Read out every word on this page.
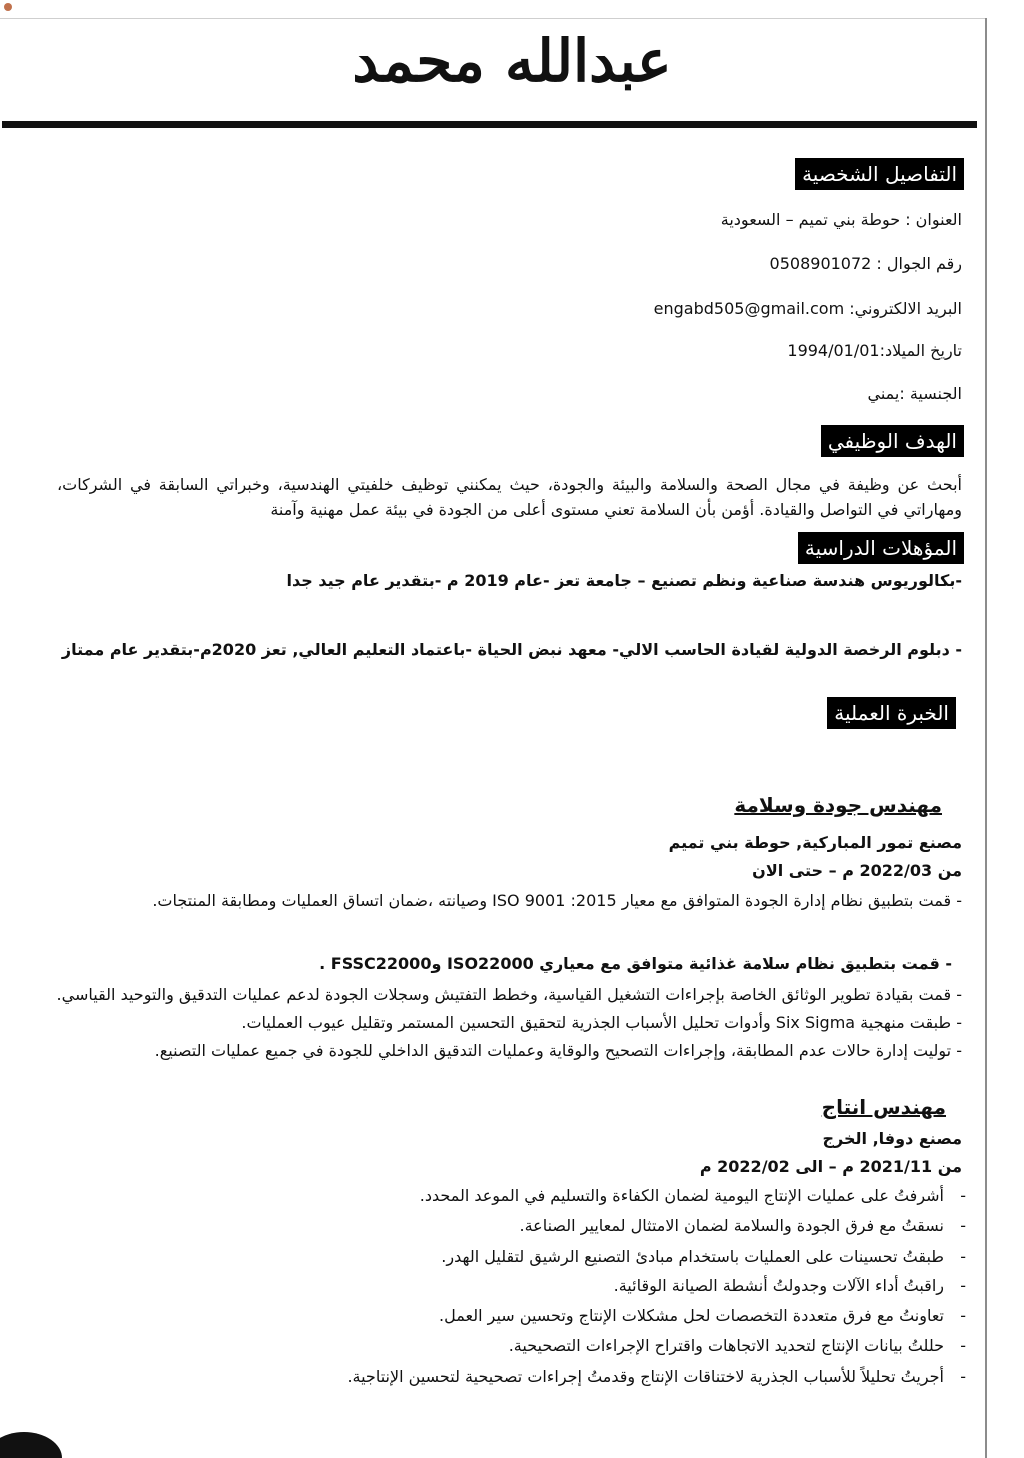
عبدالله محمد
التفاصيل الشخصية
العنوان : حوطة بني تميم – السعودية
رقم الجوال : 0508901072
البريد الالكتروني: engabd505@gmail.com
تاريخ الميلاد:1994/01/01
الجنسية :يمني
الهدف الوظيفي
أبحث عن وظيفة في مجال الصحة والسلامة والبيئة والجودة، حيث يمكنني توظيف خلفيتي الهندسية، وخبراتي السابقة في الشركات، ومهاراتي في التواصل والقيادة. أؤمن بأن السلامة تعني مستوى أعلى من الجودة في بيئة عمل مهنية وآمنة
المؤهلات الدراسية
-بكالوريوس هندسة صناعية ونظم تصنيع – جامعة تعز -عام 2019 م -بتقدير عام جيد جدا
- دبلوم الرخصة الدولية لقيادة الحاسب الالي- معهد نبض الحياة -باعتماد التعليم العالي, تعز 2020م-بتقدير عام ممتاز
الخبرة العملية
مهندس جودة وسلامة
مصنع تمور المباركية, حوطة بني تميم
من 2022/03 م – حتى الان
- قمت بتطبيق نظام إدارة الجودة المتوافق مع معيار 2015: ISO 9001 وصيانته ،ضمان اتساق العمليات ومطابقة المنتجات.
- قمت بتطبيق نظام سلامة غذائية متوافق مع معياري ISO22000 وFSSC22000 .
- قمت بقيادة تطوير الوثائق الخاصة بإجراءات التشغيل القياسية، وخطط التفتيش وسجلات الجودة لدعم عمليات التدقيق والتوحيد القياسي.
- طبقت منهجية Six Sigma وأدوات تحليل الأسباب الجذرية لتحقيق التحسين المستمر وتقليل عيوب العمليات.
- توليت إدارة حالات عدم المطابقة، وإجراءات التصحيح والوقاية وعمليات التدقيق الداخلي للجودة في جميع عمليات التصنيع.
مهندس انتاج
مصنع دوفا, الخرج
من 2021/11 م – الى 2022/02 م
-
أشرفتُ على عمليات الإنتاج اليومية لضمان الكفاءة والتسليم في الموعد المحدد.
-
نسقتُ مع فرق الجودة والسلامة لضمان الامتثال لمعايير الصناعة.
-
طبقتُ تحسينات على العمليات باستخدام مبادئ التصنيع الرشيق لتقليل الهدر.
-
راقبتُ أداء الآلات وجدولتُ أنشطة الصيانة الوقائية.
-
تعاونتُ مع فرق متعددة التخصصات لحل مشكلات الإنتاج وتحسين سير العمل.
-
حللتُ بيانات الإنتاج لتحديد الاتجاهات واقتراح الإجراءات التصحيحية.
-
أجريتُ تحليلاً للأسباب الجذرية لاختناقات الإنتاج وقدمتُ إجراءات تصحيحية لتحسين الإنتاجية.
